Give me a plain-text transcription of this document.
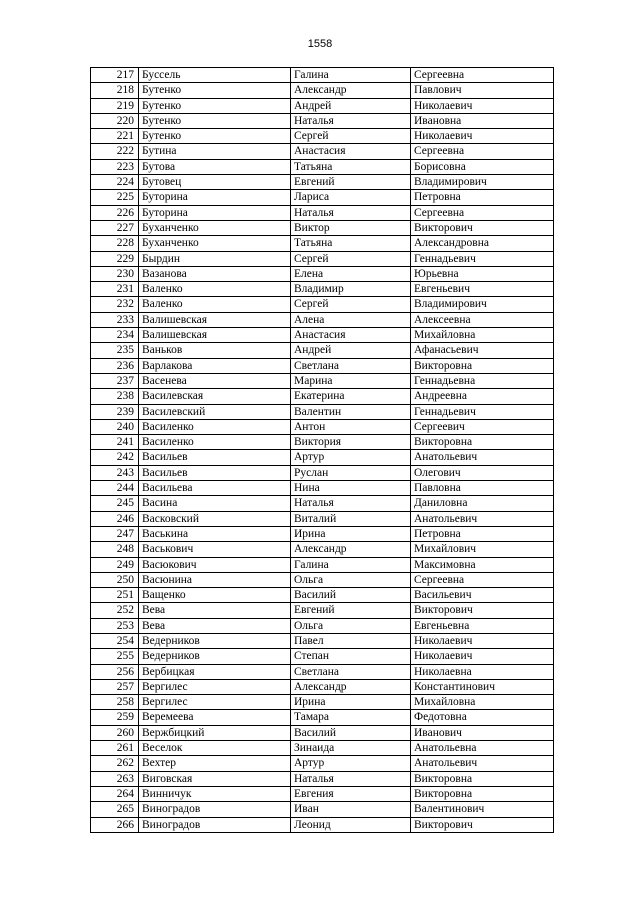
1558
217	Буссель	Галина	Сергеевна
218	Бутенко	Александр	Павлович
219	Бутенко	Андрей	Николаевич
220	Бутенко	Наталья	Ивановна
221	Бутенко	Сергей	Николаевич
222	Бутина	Анастасия	Сергеевна
223	Бутова	Татьяна	Борисовна
224	Бутовец	Евгений	Владимирович
225	Буторина	Лариса	Петровна
226	Буторина	Наталья	Сергеевна
227	Буханченко	Виктор	Викторович
228	Буханченко	Татьяна	Александровна
229	Бырдин	Сергей	Геннадьевич
230	Вазанова	Елена	Юрьевна
231	Валенко	Владимир	Евгеньевич
232	Валенко	Сергей	Владимирович
233	Валишевская	Алена	Алексеевна
234	Валишевская	Анастасия	Михайловна
235	Ваньков	Андрей	Афанасьевич
236	Варлакова	Светлана	Викторовна
237	Васенева	Марина	Геннадьевна
238	Василевская	Екатерина	Андреевна
239	Василевский	Валентин	Геннадьевич
240	Василенко	Антон	Сергеевич
241	Василенко	Виктория	Викторовна
242	Васильев	Артур	Анатольевич
243	Васильев	Руслан	Олегович
244	Васильева	Нина	Павловна
245	Васина	Наталья	Даниловна
246	Васковский	Виталий	Анатольевич
247	Васькина	Ирина	Петровна
248	Васькович	Александр	Михайлович
249	Васюкович	Галина	Максимовна
250	Васюнина	Ольга	Сергеевна
251	Ващенко	Василий	Васильевич
252	Вева	Евгений	Викторович
253	Вева	Ольга	Евгеньевна
254	Ведерников	Павел	Николаевич
255	Ведерников	Степан	Николаевич
256	Вербицкая	Светлана	Николаевна
257	Вергилес	Александр	Константинович
258	Вергилес	Ирина	Михайловна
259	Веремеева	Тамара	Федотовна
260	Вержбицкий	Василий	Иванович
261	Веселок	Зинаида	Анатольевна
262	Вехтер	Артур	Анатольевич
263	Виговская	Наталья	Викторовна
264	Винничук	Евгения	Викторовна
265	Виноградов	Иван	Валентинович
266	Виноградов	Леонид	Викторович
